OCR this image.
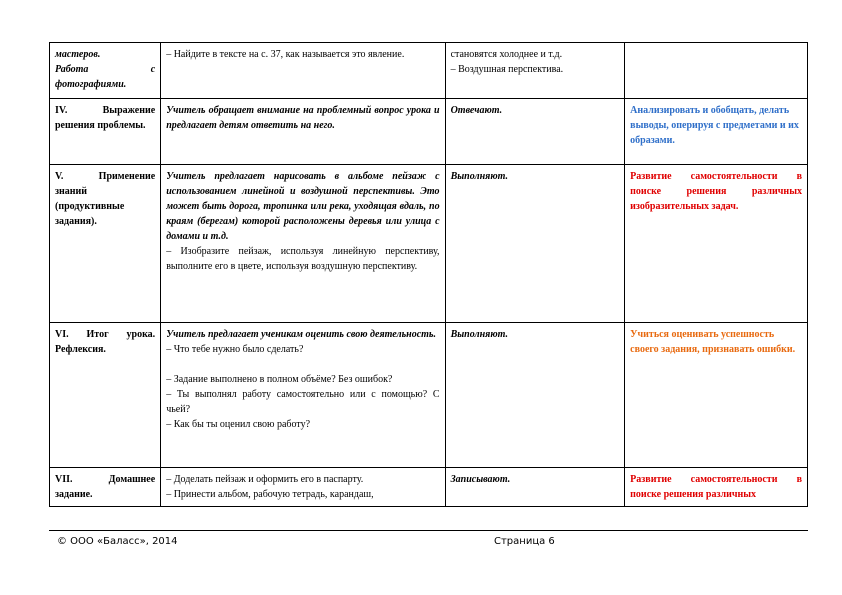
мастеров.
Работа с фотографиями.	– Найдите в тексте на с. 37, как называется это явление.	становятся холоднее и т.д.
– Воздушная перспектива.	

IV. Выражение решения проблемы.	Учитель обращает внимание на проблемный вопрос урока и предлагает детям ответить на него.	Отвечают.	Анализировать и обобщать, делать выводы, оперируя с предметами и их образами.
V. Применение знаний (продуктивные задания).	Учитель предлагает нарисовать в альбоме пейзаж с использованием линейной и воздушной перспективы. Это может быть дорога, тропинка или река, уходящая вдаль, по краям (берегам) которой расположены деревья или улица с домами и т.д.
– Изобразите пейзаж, используя линейную перспективу, выполните его в цвете, используя воздушную перспективу.	Выполняют.	Развитие самостоятельности в поиске решения различных изобразительных задач.
VI. Итог урока. Рефлексия.	Учитель предлагает ученикам оценить свою деятельность.
– Что тебе нужно было сделать?
– Задание выполнено в полном объёме? Без ошибок?
– Ты выполнял работу самостоятельно или с помощью? С чьей?
– Как бы ты оценил свою работу?	Выполняют.	Учиться оценивать успешность своего задания, признавать ошибки.
VII. Домашнее задание.	– Доделать пейзаж и оформить его в паспарту.
– Принести альбом, рабочую тетрадь, карандаш,	Записывают.	Развитие самостоятельности в поиске решения различных
© ООО «Баласс», 2014	Страница 6
